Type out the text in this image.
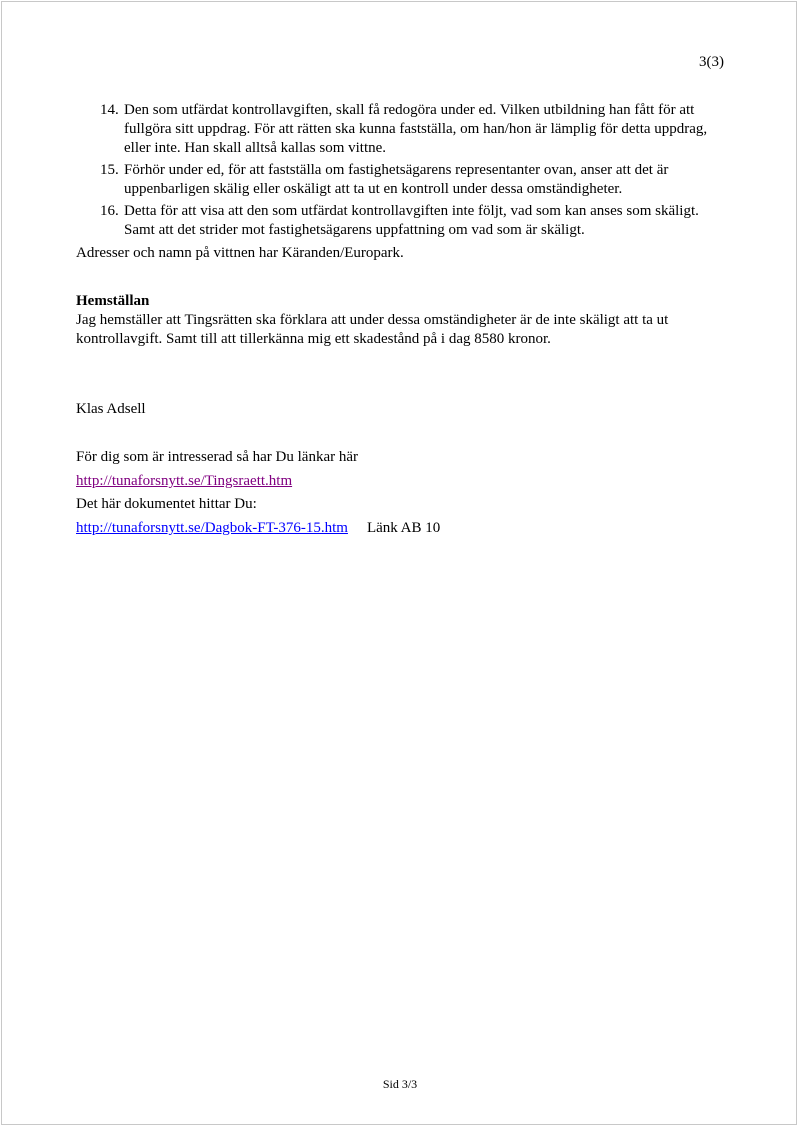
3(3)
14. Den som utfärdat kontrollavgiften, skall få redogöra under ed. Vilken utbildning han fått för att fullgöra sitt uppdrag. För att rätten ska kunna fastställa, om han/hon är lämplig för detta uppdrag, eller inte. Han skall alltså kallas som vittne.
15. Förhör under ed, för att fastställa om fastighetsägarens representanter ovan, anser att det är uppenbarligen skälig eller oskäligt att ta ut en kontroll under dessa omständigheter.
16. Detta för att visa att den som utfärdat kontrollavgiften inte följt, vad som kan anses som skäligt. Samt att det strider mot fastighetsägarens uppfattning om vad som är skäligt.

Adresser och namn på vittnen har Käranden/Europark.

Hemställan

Jag hemställer att Tingsrätten ska förklara att under dessa omständigheter är de inte skäligt att ta ut kontrollavgift. Samt till att tillerkänna mig ett skadestånd på i dag 8580 kronor.

Klas Adsell

För dig som är intresserad så har Du länkar här

http://tunaforsnytt.se/Tingsraett.htm

Det här dokumentet hittar Du:

http://tunaforsnytt.se/Dagbok-FT-376-15.htm Länk AB 10

Sid 3/3
